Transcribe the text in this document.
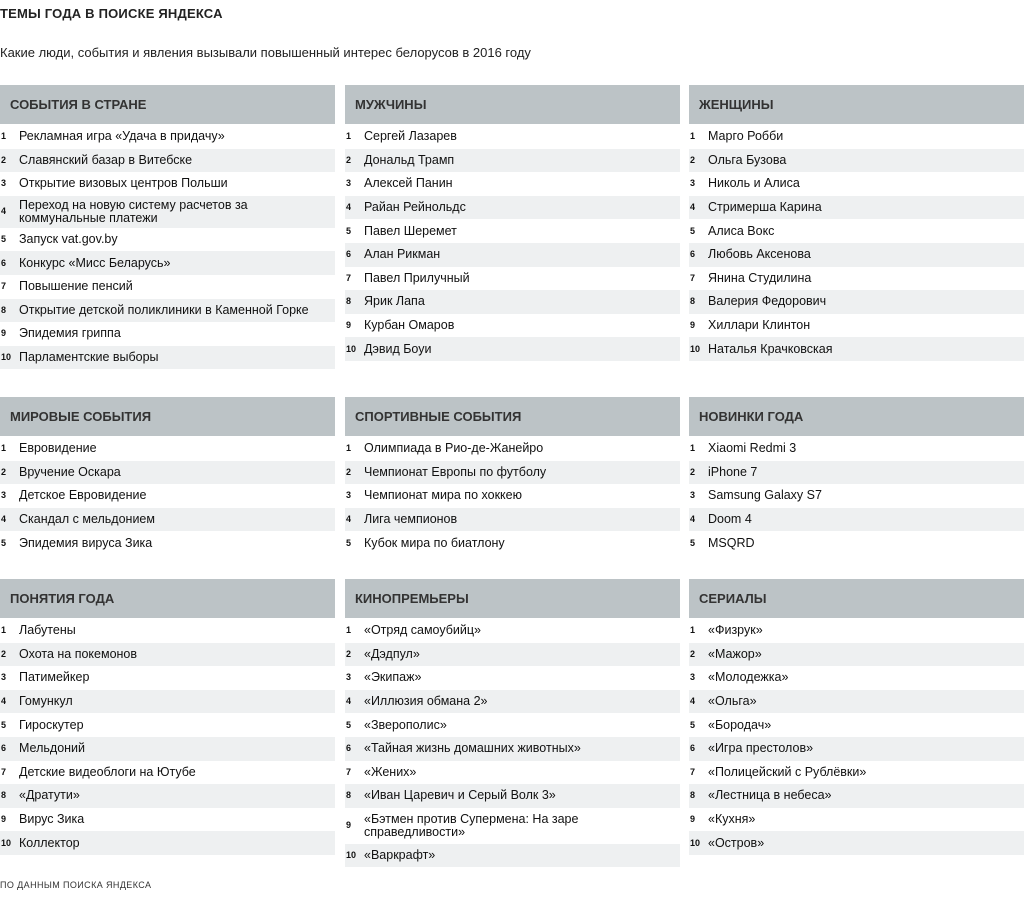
ТЕМЫ ГОДА В ПОИСКЕ ЯНДЕКСА
Какие люди, события и явления вызывали повышенный интерес белорусов в 2016 году
СОБЫТИЯ В СТРАНЕ
1	Рекламная игра «Удача в придачу»
2	Славянский базар в Витебске
3	Открытие визовых центров Польши
4	Переход на новую систему расчетов за коммунальные платежи
5	Запуск vat.gov.by
6	Конкурс «Мисс Беларусь»
7	Повышение пенсий
8	Открытие детской поликлиники в Каменной Горке
9	Эпидемия гриппа
10 Парламентские выборы
МУЖЧИНЫ
1	Сергей Лазарев
2	Дональд Трамп
3	Алексей Панин
4	Райан Рейнольдс
5	Павел Шеремет
6	Алан Рикман
7	Павел Прилучный
8	Ярик Лапа
9	Курбан Омаров
10 Дэвид Боуи
ЖЕНЩИНЫ
1	Марго Робби
2	Ольга Бузова
3	Николь и Алиса
4	Стримерша Карина
5	Алиса Вокс
6	Любовь Аксенова
7	Янина Студилина
8	Валерия Федорович
9	Хиллари Клинтон
10 Наталья Крачковская
МИРОВЫЕ СОБЫТИЯ
1	Евровидение
2	Вручение Оскара
3	Детское Евровидение
4	Скандал с мельдонием
5	Эпидемия вируса Зика
СПОРТИВНЫЕ СОБЫТИЯ
1	Олимпиада в Рио-де-Жанейро
2	Чемпионат Европы по футболу
3	Чемпионат мира по хоккею
4	Лига чемпионов
5	Кубок мира по биатлону
НОВИНКИ ГОДА
1	Xiaomi Redmi 3
2	iPhone 7
3	Samsung Galaxy S7
4	Doom 4
5	MSQRD
ПОНЯТИЯ ГОДА
1	Лабутены
2	Охота на покемонов
3	Патимейкер
4	Гомункул
5	Гироскутер
6	Мельдоний
7	Детские видеоблоги на Ютубе
8	«Дратути»
9	Вирус Зика
10 Коллектор
КИНОПРЕМЬЕРЫ
1	«Отряд самоубийц»
2	«Дэдпул»
3	«Экипаж»
4	«Иллюзия обмана 2»
5	«Зверополис»
6	«Тайная жизнь домашних животных»
7	«Жених»
8	«Иван Царевич и Серый Волк 3»
9	«Бэтмен против Супермена: На заре справедливости»
10 «Варкрафт»
СЕРИАЛЫ
1	«Физрук»
2	«Мажор»
3	«Молодежка»
4	«Ольга»
5	«Бородач»
6	«Игра престолов»
7	«Полицейский с Рублёвки»
8	«Лестница в небеса»
9	«Кухня»
10 «Остров»
ПО ДАННЫМ ПОИСКА ЯНДЕКСА
